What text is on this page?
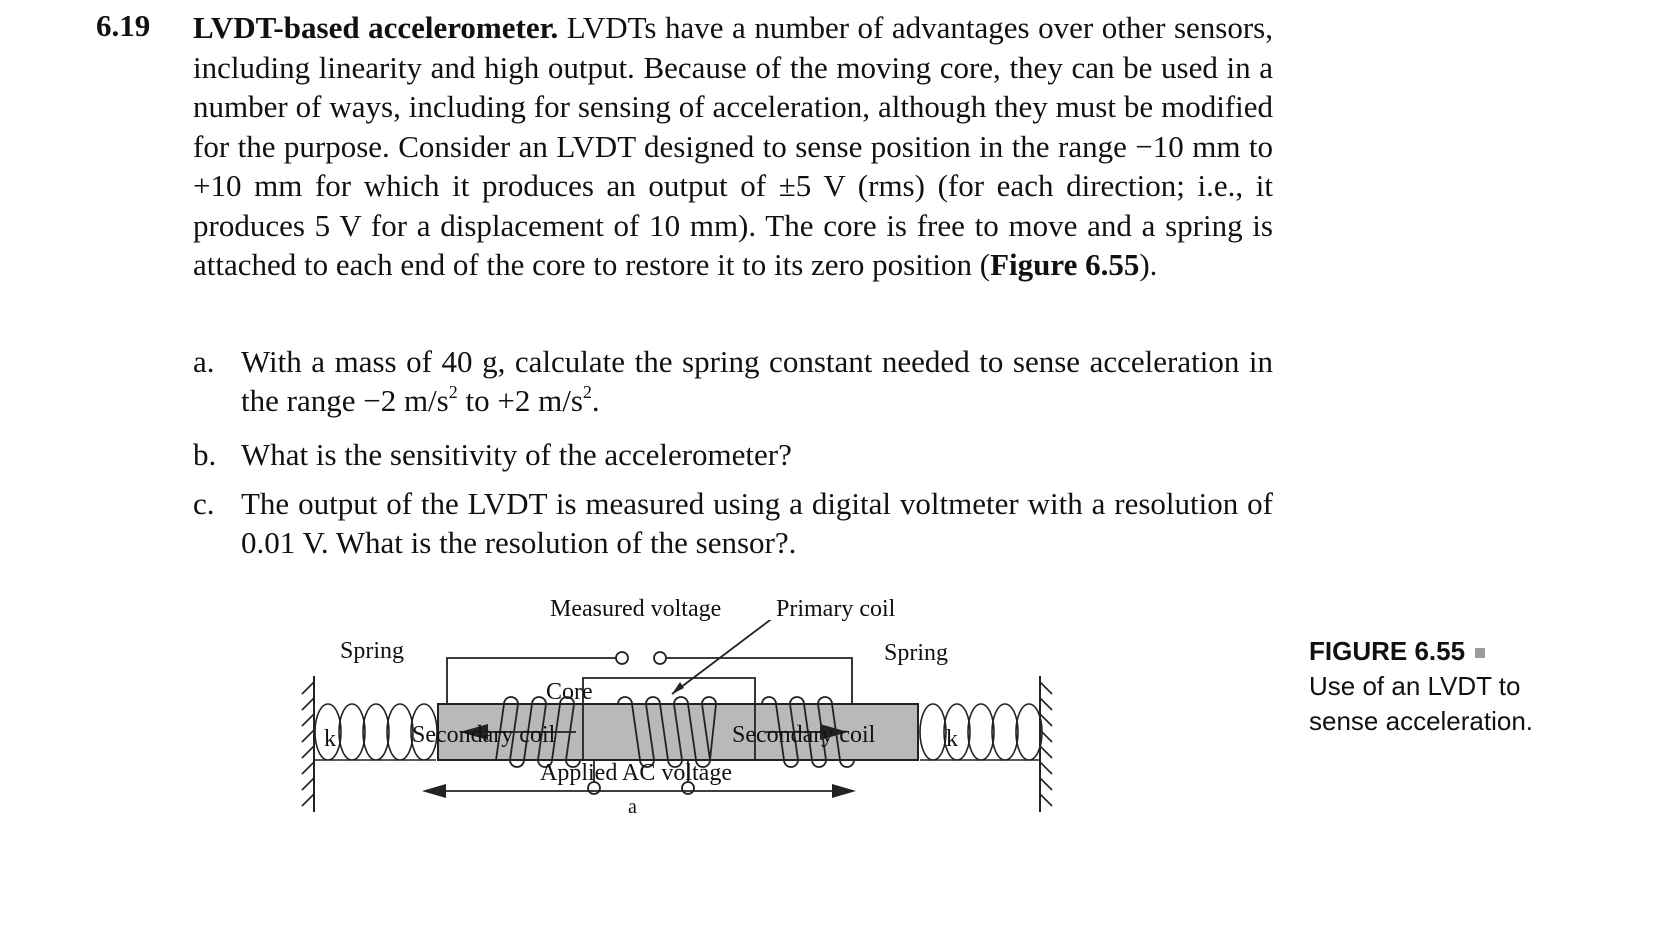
6.19 LVDT-based accelerometer. LVDTs have a number of advantages over other sensors, including linearity and high output. Because of the moving core, they can be used in a number of ways, including for sensing of acceleration, although they must be modified for the purpose. Consider an LVDT designed to sense position in the range −10 mm to +10 mm for which it produces an output of ±5 V (rms) (for each direction; i.e., it produces 5 V for a displacement of 10 mm). The core is free to move and a spring is attached to each end of the core to restore it to its zero position (Figure 6.55).
a. With a mass of 40 g, calculate the spring constant needed to sense acceleration in the range −2 $m/s^2$ to +2 $m/s^2$.
b. What is the sensitivity of the accelerometer?
c. The output of the LVDT is measured using a digital voltmeter with a resolution of 0.01 V. What is the resolution of the sensor?.
Measured voltage Primary coil
Spring	Spring
Core
Secondary coil	Secondary coil
k	k
Applied AC voltage
a
FIGURE 6.55
Use of an LVDT to sense acceleration.
